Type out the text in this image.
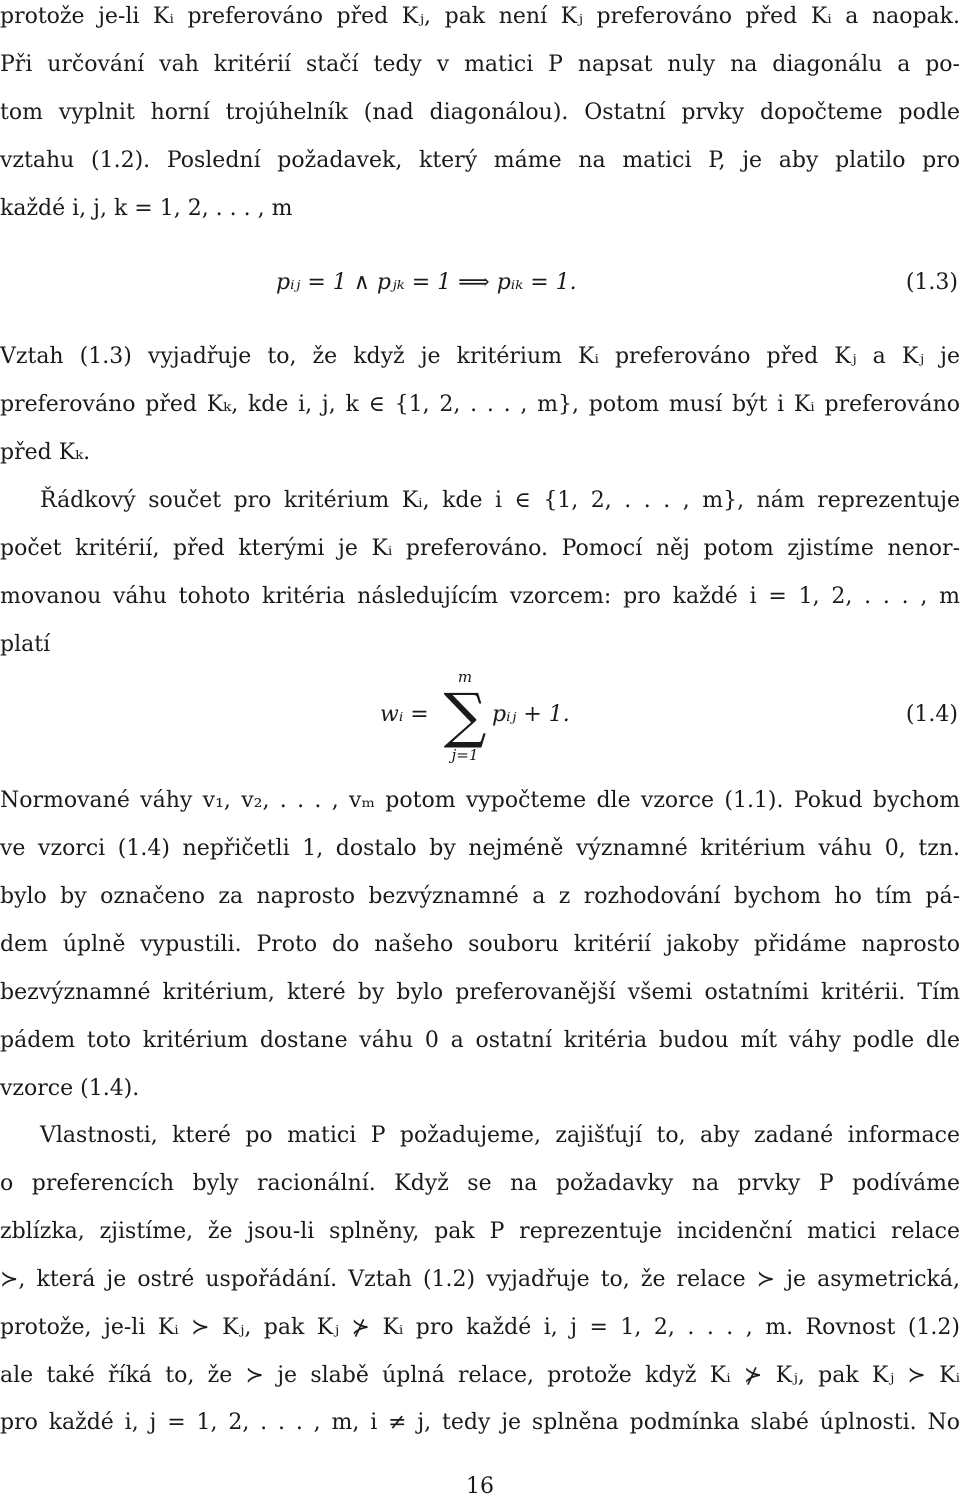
protože je-li Kᵢ preferováno před Kⱼ, pak není Kⱼ preferováno před Kᵢ a naopak.
Při určování vah kritérií stačí tedy v matici P napsat nuly na diagonálu a po-
tom vyplnit horní trojúhelník (nad diagonálou). Ostatní prvky dopočteme podle
vztahu (1.2). Poslední požadavek, který máme na matici P, je aby platilo pro
každé i, j, k = 1, 2, . . . , m
pᵢⱼ = 1 ∧ pⱼₖ = 1 ⟹ pᵢₖ = 1.	(1.3)
Vztah (1.3) vyjadřuje to, že když je kritérium Kᵢ preferováno před Kⱼ a Kⱼ je
preferováno před Kₖ, kde i, j, k ∈ {1, 2, . . . , m}, potom musí být i Kᵢ preferováno
před Kₖ.
Řádkový součet pro kritérium Kᵢ, kde i ∈ {1, 2, . . . , m}, nám reprezentuje
počet kritérií, před kterými je Kᵢ preferováno. Pomocí něj potom zjistíme nenor-
movanou váhu tohoto kritéria následujícím vzorcem: pro každé i = 1, 2, . . . , m
platí
wᵢ =
m
∑
j=1
pᵢⱼ + 1.	(1.4)
Normované váhy v₁, v₂, . . . , vₘ potom vypočteme dle vzorce (1.1). Pokud bychom
ve vzorci (1.4) nepřičetli 1, dostalo by nejméně významné kritérium váhu 0, tzn.
bylo by označeno za naprosto bezvýznamné a z rozhodování bychom ho tím pá-
dem úplně vypustili. Proto do našeho souboru kritérií jakoby přidáme naprosto
bezvýznamné kritérium, které by bylo preferovanější všemi ostatními kritérii. Tím
pádem toto kritérium dostane váhu 0 a ostatní kritéria budou mít váhy podle dle
vzorce (1.4).
Vlastnosti, které po matici P požadujeme, zajišťují to, aby zadané informace
o preferencích byly racionální. Když se na požadavky na prvky P podíváme
zblízka, zjistíme, že jsou-li splněny, pak P reprezentuje incidenční matici relace
≻, která je ostré uspořádání. Vztah (1.2) vyjadřuje to, že relace ≻ je asymetrická,
protože, je-li Kᵢ ≻ Kⱼ, pak Kⱼ ⊁ Kᵢ pro každé i, j = 1, 2, . . . , m. Rovnost (1.2)
ale také říká to, že ≻ je slabě úplná relace, protože když Kᵢ ⊁ Kⱼ, pak Kⱼ ≻ Kᵢ
pro každé i, j = 1, 2, . . . , m, i ≠ j, tedy je splněna podmínka slabé úplnosti. No
16
